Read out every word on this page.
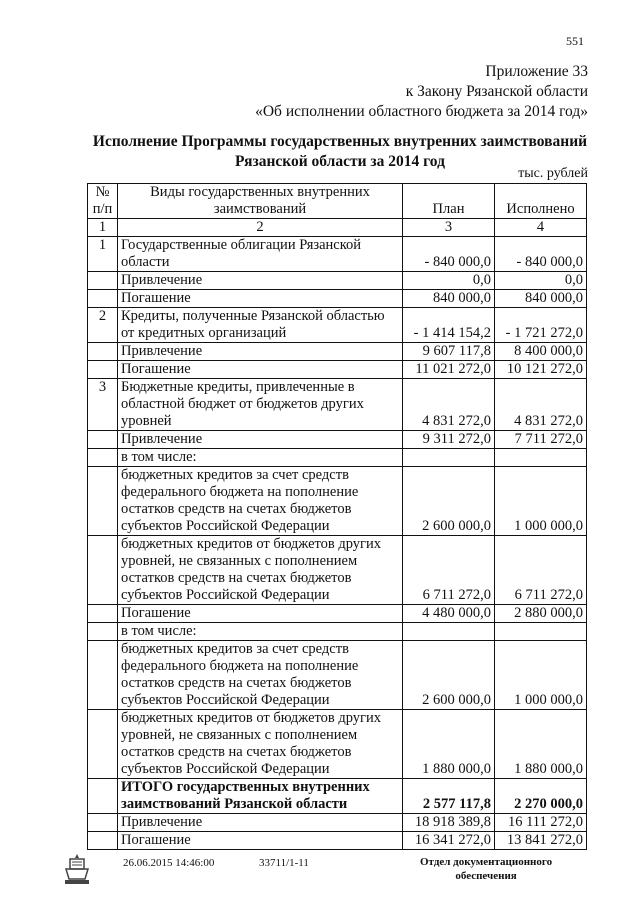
551
Приложение 33
к Закону Рязанской области
«Об исполнении областного бюджета за 2014 год»
Исполнение Программы государственных внутренних заимствований
Рязанской области за 2014 год
тыс. рублей
№ п/п	Виды государственных внутренних заимствований	План	Исполнено
1	2	3	4
1	Государственные облигации Рязанской области	- 840 000,0	- 840 000,0
	Привлечение	0,0	0,0
	Погашение	840 000,0	840 000,0
2	Кредиты, полученные Рязанской областью от кредитных организаций	- 1 414 154,2	- 1 721 272,0
	Привлечение	9 607 117,8	8 400 000,0
	Погашение	11 021 272,0	10 121 272,0
3	Бюджетные кредиты, привлеченные в областной бюджет от бюджетов других уровней	4 831 272,0	4 831 272,0
	Привлечение	9 311 272,0	7 711 272,0
	в том числе:		
	бюджетных кредитов за счет средств федерального бюджета на пополнение остатков средств на счетах бюджетов субъектов Российской Федерации	2 600 000,0	1 000 000,0
	бюджетных кредитов от бюджетов других уровней, не связанных с пополнением остатков средств на счетах бюджетов субъектов Российской Федерации	6 711 272,0	6 711 272,0
	Погашение	4 480 000,0	2 880 000,0
	в том числе:		
	бюджетных кредитов за счет средств федерального бюджета на пополнение остатков средств на счетах бюджетов субъектов Российской Федерации	2 600 000,0	1 000 000,0
	бюджетных кредитов от бюджетов других уровней, не связанных с пополнением остатков средств на счетах бюджетов субъектов Российской Федерации	1 880 000,0	1 880 000,0
	ИТОГО государственных внутренних заимствований Рязанской области	2 577 117,8	2 270 000,0
	Привлечение	18 918 389,8	16 111 272,0
	Погашение	16 341 272,0	13 841 272,0
26.06.2015 14:46:00	33711/1-11	Отдел документационного
обеспечения
